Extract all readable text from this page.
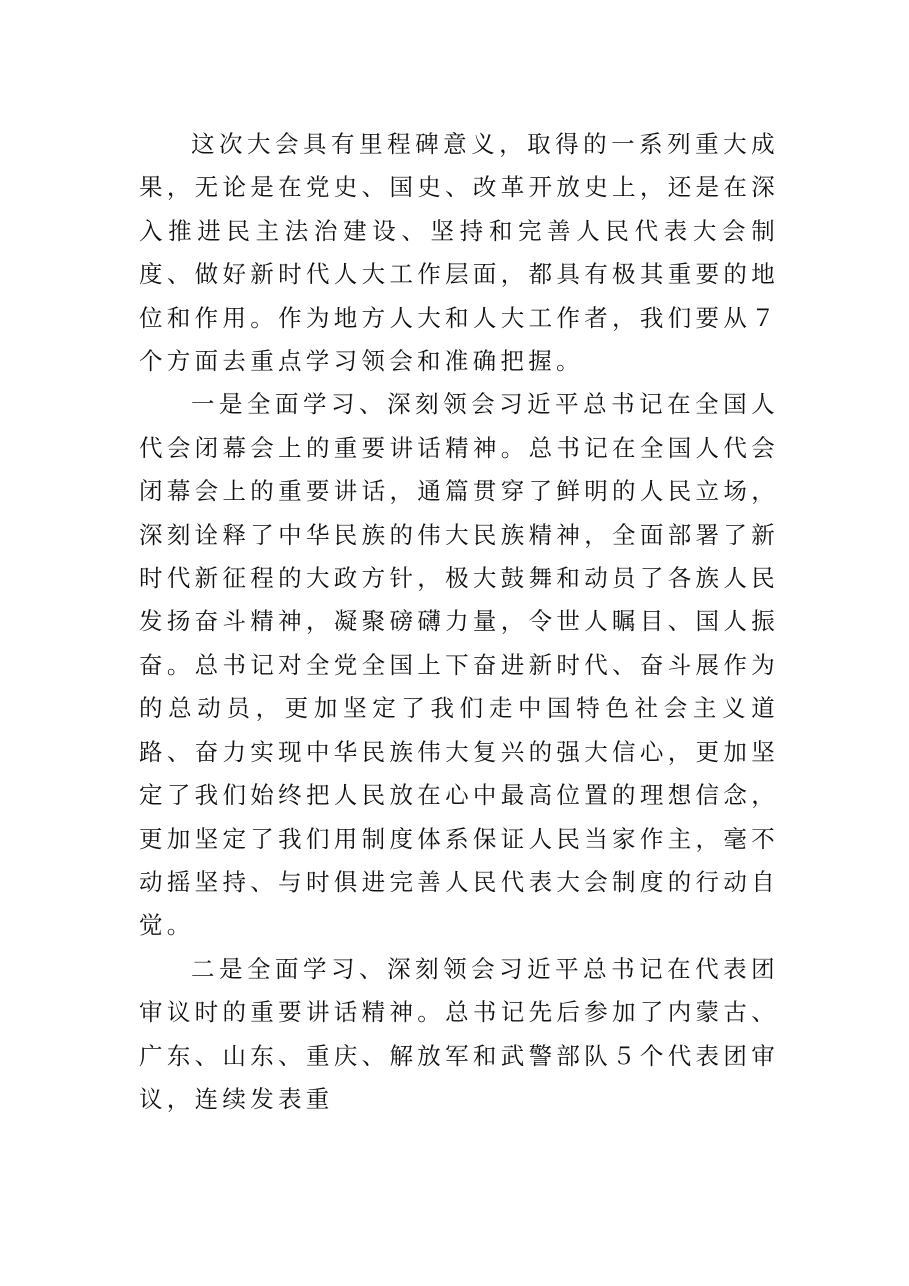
这次大会具有里程碑意义，取得的一系列重大成果，无论是在党史、国史、改革开放史上，还是在深入推进民主法治建设、坚持和完善人民代表大会制度、做好新时代人大工作层面，都具有极其重要的地位和作用。作为地方人大和人大工作者，我们要从７个方面去重点学习领会和准确把握。

一是全面学习、深刻领会习近平总书记在全国人代会闭幕会上的重要讲话精神。总书记在全国人代会闭幕会上的重要讲话，通篇贯穿了鲜明的人民立场，深刻诠释了中华民族的伟大民族精神，全面部署了新时代新征程的大政方针，极大鼓舞和动员了各族人民发扬奋斗精神，凝聚磅礴力量，令世人瞩目、国人振奋。总书记对全党全国上下奋进新时代、奋斗展作为的总动员，更加坚定了我们走中国特色社会主义道路、奋力实现中华民族伟大复兴的强大信心，更加坚定了我们始终把人民放在心中最高位置的理想信念，更加坚定了我们用制度体系保证人民当家作主，毫不动摇坚持、与时俱进完善人民代表大会制度的行动自觉。

二是全面学习、深刻领会习近平总书记在代表团审议时的重要讲话精神。总书记先后参加了内蒙古、广东、山东、重庆、解放军和武警部队５个代表团审议，连续发表重
